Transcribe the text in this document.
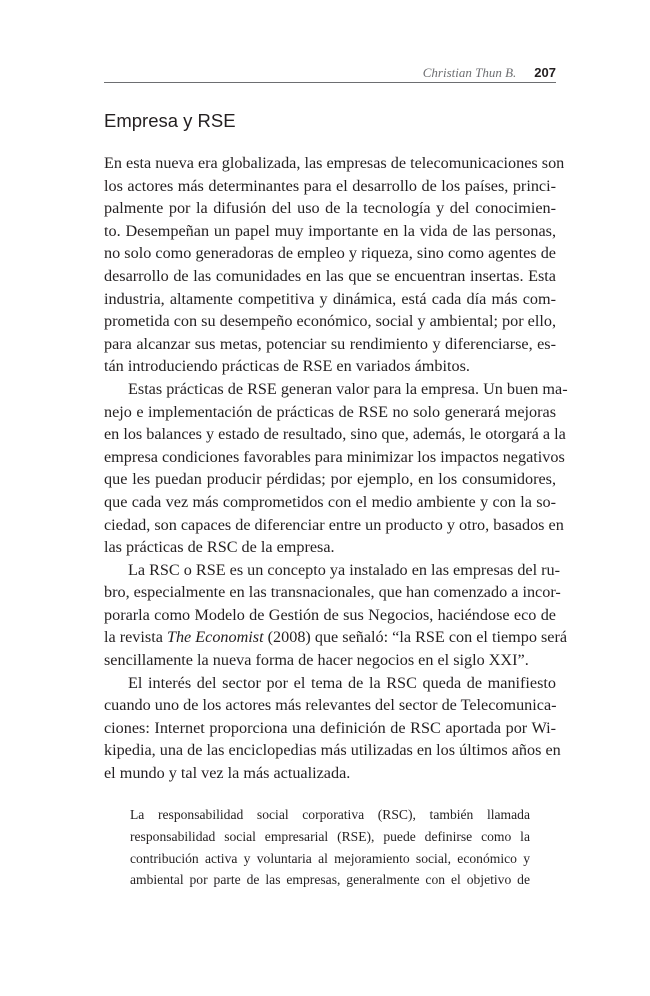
Christian Thun B. 207
Empresa y RSE
En esta nueva era globalizada, las empresas de telecomunicaciones son
los actores más determinantes para el desarrollo de los países, princi-
palmente por la difusión del uso de la tecnología y del conocimien-
to. Desempeñan un papel muy importante en la vida de las personas,
no solo como generadoras de empleo y riqueza, sino como agentes de
desarrollo de las comunidades en las que se encuentran insertas. Esta
industria, altamente competitiva y dinámica, está cada día más com-
prometida con su desempeño económico, social y ambiental; por ello,
para alcanzar sus metas, potenciar su rendimiento y diferenciarse, es-
tán introduciendo prácticas de RSE en variados ámbitos.
Estas prácticas de RSE generan valor para la empresa. Un buen ma-
nejo e implementación de prácticas de RSE no solo generará mejoras
en los balances y estado de resultado, sino que, además, le otorgará a la
empresa condiciones favorables para minimizar los impactos negativos
que les puedan producir pérdidas; por ejemplo, en los consumidores,
que cada vez más comprometidos con el medio ambiente y con la so-
ciedad, son capaces de diferenciar entre un producto y otro, basados en
las prácticas de RSC de la empresa.
La RSC o RSE es un concepto ya instalado en las empresas del ru-
bro, especialmente en las transnacionales, que han comenzado a incor-
porarla como Modelo de Gestión de sus Negocios, haciéndose eco de
la revista The Economist (2008) que señaló: “la RSE con el tiempo será
sencillamente la nueva forma de hacer negocios en el siglo XXI”.
El interés del sector por el tema de la RSC queda de manifiesto
cuando uno de los actores más relevantes del sector de Telecomunica-
ciones: Internet proporciona una definición de RSC aportada por Wi-
kipedia, una de las enciclopedias más utilizadas en los últimos años en
el mundo y tal vez la más actualizada.
La responsabilidad social corporativa (RSC), también llamada
responsabilidad social empresarial (RSE), puede definirse como la
contribución activa y voluntaria al mejoramiento social, económico y
ambiental por parte de las empresas, generalmente con el objetivo de
